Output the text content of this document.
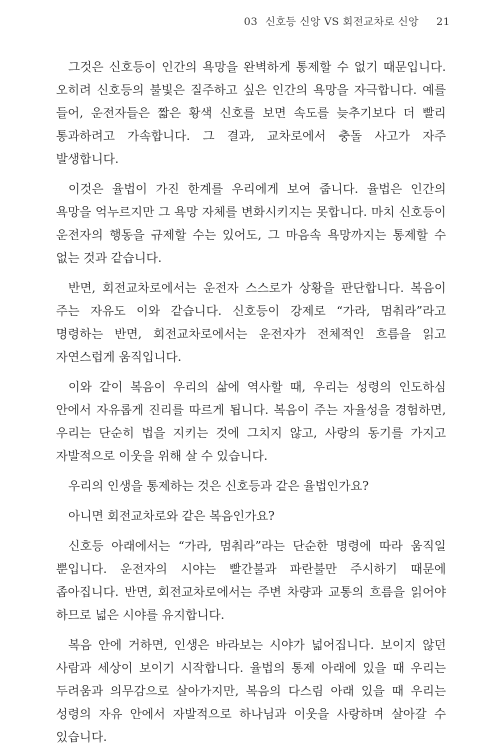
03 신호등 신앙 VS 회전교차로 신앙 21

그것은 신호등이 인간의 욕망을 완벽하게 통제할 수 없기 때문입니다. 오히려 신호등의 불빛은 질주하고 싶은 인간의 욕망을 자극합니다. 예를 들어, 운전자들은 짧은 황색 신호를 보면 속도를 늦추기보다 더 빨리 통과하려고 가속합니다. 그 결과, 교차로에서 충돌 사고가 자주 발생합니다.

이것은 율법이 가진 한계를 우리에게 보여 줍니다. 율법은 인간의 욕망을 억누르지만 그 욕망 자체를 변화시키지는 못합니다. 마치 신호등이 운전자의 행동을 규제할 수는 있어도, 그 마음속 욕망까지는 통제할 수 없는 것과 같습니다.

반면, 회전교차로에서는 운전자 스스로가 상황을 판단합니다. 복음이 주는 자유도 이와 같습니다. 신호등이 강제로 “가라, 멈춰라”라고 명령하는 반면, 회전교차로에서는 운전자가 전체적인 흐름을 읽고 자연스럽게 움직입니다.

이와 같이 복음이 우리의 삶에 역사할 때, 우리는 성령의 인도하심 안에서 자유롭게 진리를 따르게 됩니다. 복음이 주는 자율성을 경험하면, 우리는 단순히 법을 지키는 것에 그치지 않고, 사랑의 동기를 가지고 자발적으로 이웃을 위해 살 수 있습니다.

우리의 인생을 통제하는 것은 신호등과 같은 율법인가요?

아니면 회전교차로와 같은 복음인가요?

신호등 아래에서는 “가라, 멈춰라”라는 단순한 명령에 따라 움직일 뿐입니다. 운전자의 시야는 빨간불과 파란불만 주시하기 때문에 좁아집니다. 반면, 회전교차로에서는 주변 차량과 교통의 흐름을 읽어야 하므로 넓은 시야를 유지합니다.

복음 안에 거하면, 인생은 바라보는 시야가 넓어집니다. 보이지 않던 사람과 세상이 보이기 시작합니다. 율법의 통제 아래에 있을 때 우리는 두려움과 의무감으로 살아가지만, 복음의 다스림 아래 있을 때 우리는 성령의 자유 안에서 자발적으로 하나님과 이웃을 사랑하며 살아갈 수 있습니다.
